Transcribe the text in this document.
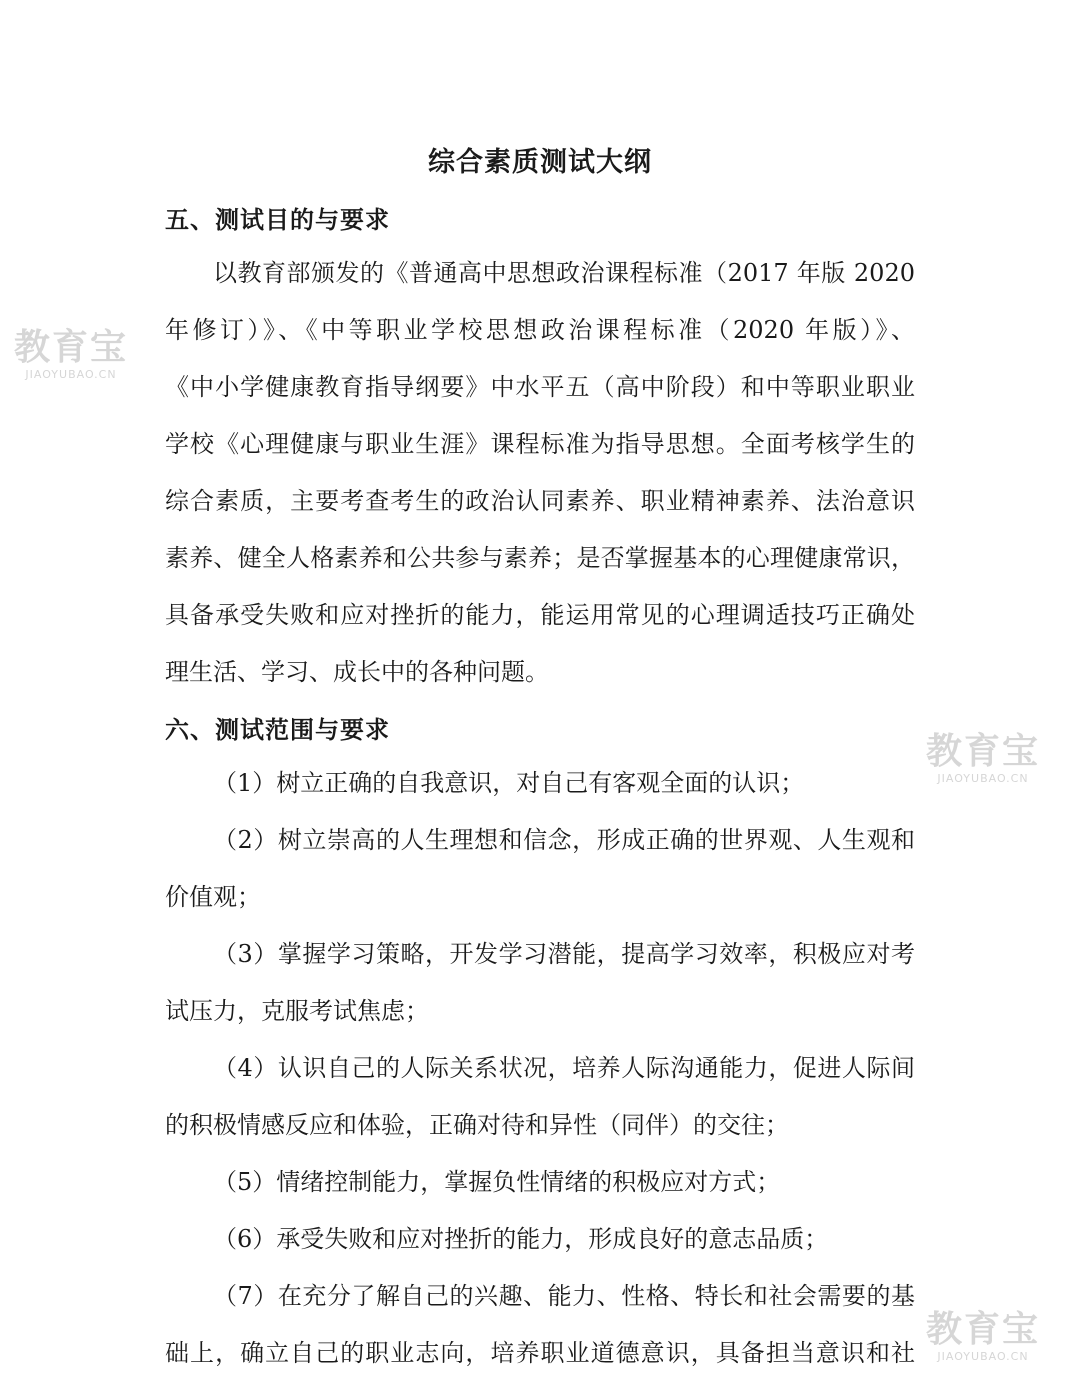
综合素质测试大纲
五、测试目的与要求
以教育部颁发的《普通高中思想政治课程标准（2017 年版 2020
年修订）》、《中等职业学校思想政治课程标准（2020 年版）》、
《中小学健康教育指导纲要》中水平五（高中阶段）和中等职业职业
学校《心理健康与职业生涯》课程标准为指导思想。全面考核学生的
综合素质，主要考查考生的政治认同素养、职业精神素养、法治意识
素养、健全人格素养和公共参与素养；是否掌握基本的心理健康常识，
具备承受失败和应对挫折的能力，能运用常见的心理调适技巧正确处
理生活、学习、成长中的各种问题。
六、测试范围与要求
（1）树立正确的自我意识，对自己有客观全面的认识；
（2）树立崇高的人生理想和信念，形成正确的世界观、人生观和
价值观；
（3）掌握学习策略，开发学习潜能，提高学习效率，积极应对考
试压力，克服考试焦虑；
（4）认识自己的人际关系状况，培养人际沟通能力，促进人际间
的积极情感反应和体验，正确对待和异性（同伴）的交往；
（5）情绪控制能力，掌握负性情绪的积极应对方式；
（6）承受失败和应对挫折的能力，形成良好的意志品质；
（7）在充分了解自己的兴趣、能力、性格、特长和社会需要的基
础上，确立自己的职业志向，培养职业道德意识，具备担当意识和社
教育宝
JIAOYUBAO.CN
教育宝
JIAOYUBAO.CN
教育宝
JIAOYUBAO.CN
